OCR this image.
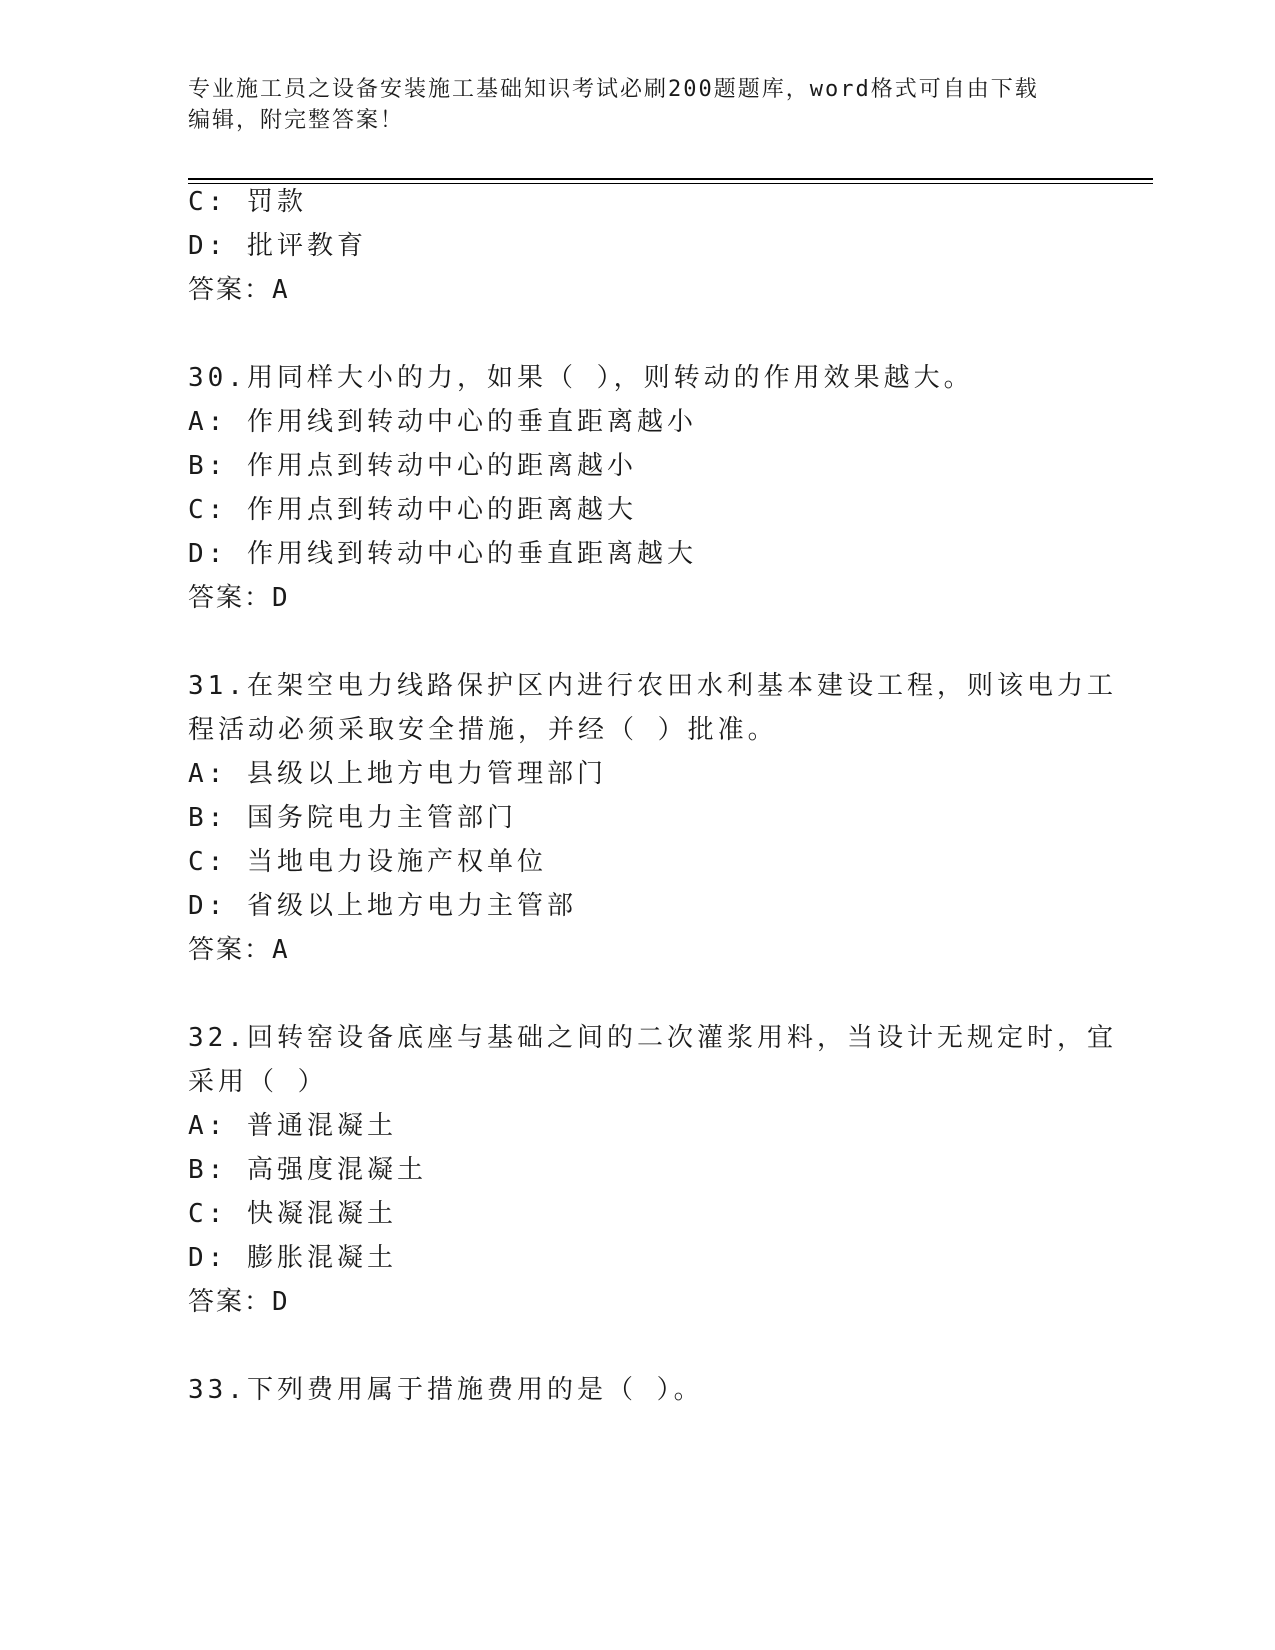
专业施工员之设备安装施工基础知识考试必刷200题题库，word格式可自由下载
编辑，附完整答案！
C: 罚款
D: 批评教育
答案：A
30.用同样大小的力，如果（ ），则转动的作用效果越大。
A: 作用线到转动中心的垂直距离越小
B: 作用点到转动中心的距离越小
C: 作用点到转动中心的距离越大
D: 作用线到转动中心的垂直距离越大
答案：D
31.在架空电力线路保护区内进行农田水利基本建设工程，则该电力工
程活动必须采取安全措施，并经（ ）批准。
A: 县级以上地方电力管理部门
B: 国务院电力主管部门
C: 当地电力设施产权单位
D: 省级以上地方电力主管部
答案：A
32.回转窑设备底座与基础之间的二次灌浆用料，当设计无规定时，宜
采用（ ）
A: 普通混凝土
B: 高强度混凝土
C: 快凝混凝土
D: 膨胀混凝土
答案：D
33.下列费用属于措施费用的是（ ）。
